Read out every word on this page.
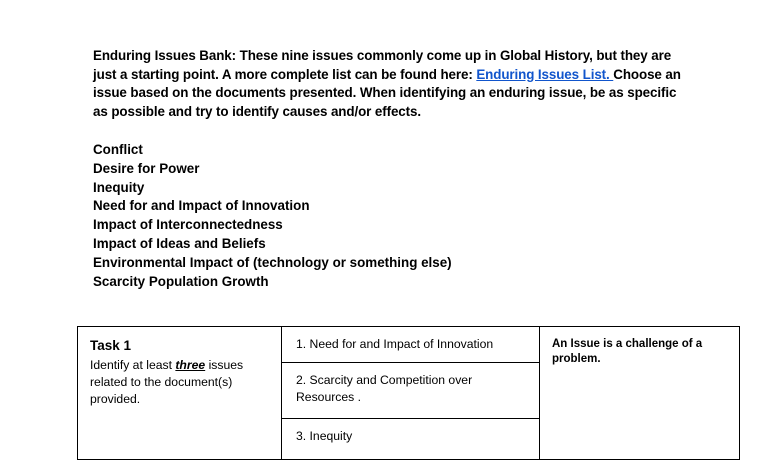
Enduring Issues Bank: These nine issues commonly come up in Global History, but they are just a starting point. A more complete list can be found here: Enduring Issues List. Choose an issue based on the documents presented. When identifying an enduring issue, be as specific as possible and try to identify causes and/or effects.
Conflict
Desire for Power
Inequity
Need for and Impact of Innovation
Impact of Interconnectedness
Impact of Ideas and Beliefs
Environmental Impact of (technology or something else)
Scarcity Population Growth
Task 1
Identify at least three issues related to the document(s) provided.

1. Need for and Impact of Innovation
2. Scarcity and Competition over Resources .
3. Inequity

An Issue is a challenge of a problem.
